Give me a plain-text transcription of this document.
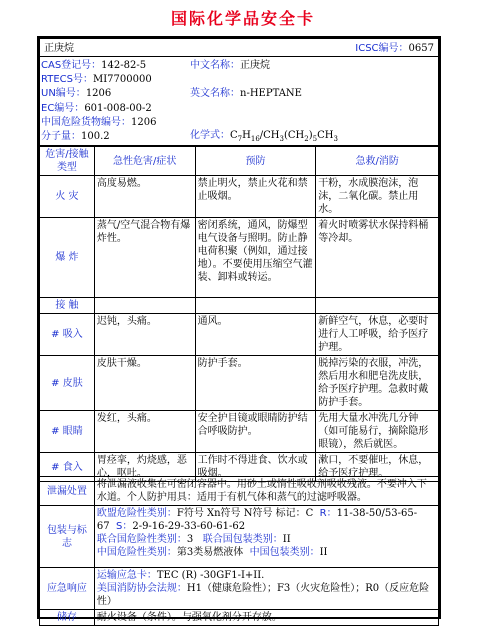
国际化学品安全卡
正庚烷	ICSC编号：0657
CAS登记号：142-82-5
RTECS号：MI7700000
UN编号：1206
EC编号：601-008-00-2
中国危险货物编号：1206
分子量：100.2
中文名称：正庚烷
英文名称：n-HEPTANE
化学式：$C_7H_{16}/CH_3(CH_2)_5CH_3$
危害/接触类型	急性危害/症状	预防	急救/消防
火 灾	高度易燃。	禁止明火，禁止火花和禁止吸烟。	干粉，水成膜泡沫，泡沫，二氧化碳。禁止用水。
爆 炸	蒸气/空气混合物有爆炸性。	密闭系统，通风，防爆型电气设备与照明。防止静电荷积聚（例如，通过接地）。不要使用压缩空气灌装、卸料或转运。	着火时喷雾状水保持料桶等冷却。
接 触			
# 吸入	迟钝，头痛。	通风。	新鲜空气，休息，必要时进行人工呼吸，给予医疗护理。
# 皮肤	皮肤干燥。	防护手套。	脱掉污染的衣服，冲洗，然后用水和肥皂洗皮肤，给予医疗护理。急救时戴防护手套。
# 眼睛	发红，头痛。	安全护目镜或眼睛防护结合呼吸防护。	先用大量水冲洗几分钟（如可能易行，摘除隐形眼镜），然后就医。
# 食入	胃痉挛，灼烧感，恶心，呕吐。	工作时不得进食、饮水或吸烟。	漱口，不要催吐，休息，给予医疗护理。
泄漏处置	将泄漏液收集在可密闭容器中。用砂土或惰性吸收剂吸收残液。不要冲入下水道。个人防护用具：适用于有机气体和蒸气的过滤呼吸器。
包装与标志	欧盟危险性类别：F符号 Xn符号 N符号 标记：C R：11-38-50/53-65-67 S：2-9-16-29-33-60-61-62
联合国危险性类别：3 联合国包装类别：II
中国危险性类别：第3类易燃液体 中国包装类别：II

应急响应	运输应急卡：TEC (R) -30GF1-I+II.
美国消防协会法规：H1（健康危险性）；F3（火灾危险性）；R0（反应危险性）

储存	耐火设备（条件）。与强氧化剂分开存放。
